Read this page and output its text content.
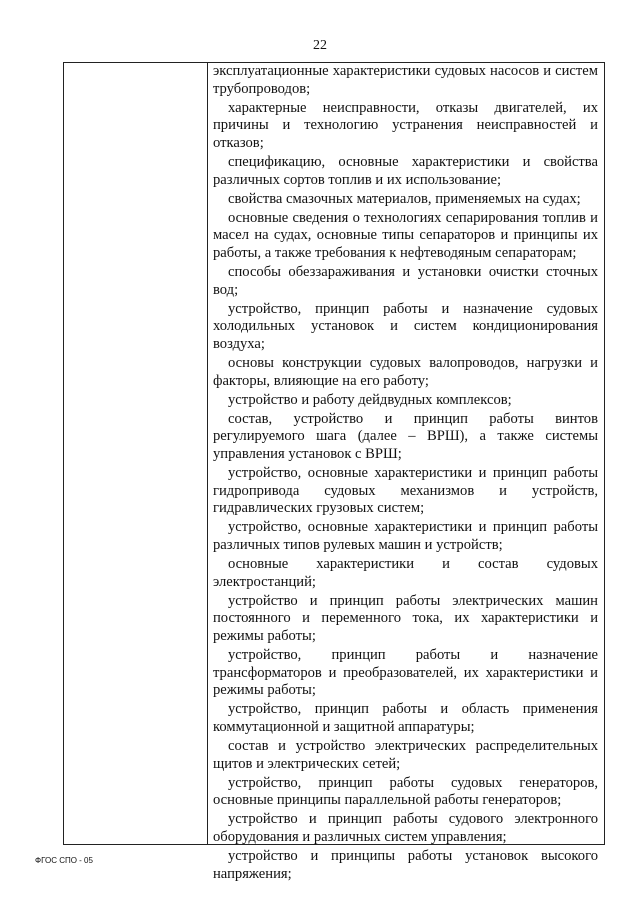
22

эксплуатационные характеристики судовых насосов и систем трубопроводов;

характерные неисправности, отказы двигателей, их причины и технологию устранения неисправностей и отказов;

спецификацию, основные характеристики и свойства различных сортов топлив и их использование;

свойства смазочных материалов, применяемых на судах;

основные сведения о технологиях сепарирования топлив и масел на судах, основные типы сепараторов и принципы их работы, а также требования к нефтеводяным сепараторам;

способы обеззараживания и установки очистки сточных вод;

устройство, принцип работы и назначение судовых холодильных установок и систем кондиционирования воздуха;

основы конструкции судовых валопроводов, нагрузки и факторы, влияющие на его работу;

устройство и работу дейдвудных комплексов;

состав, устройство и принцип работы винтов регулируемого шага (далее – ВРШ), а также системы управления установок с ВРШ;

устройство, основные характеристики и принцип работы гидропривода судовых механизмов и устройств, гидравлических грузовых систем;

устройство, основные характеристики и принцип работы различных типов рулевых машин и устройств;

основные характеристики и состав судовых электростанций;

устройство и принцип работы электрических машин постоянного и переменного тока, их характеристики и режимы работы;

устройство, принцип работы и назначение трансформаторов и преобразователей, их характеристики и режимы работы;

устройство, принцип работы и область применения коммутационной и защитной аппаратуры;

состав и устройство электрических распределительных щитов и электрических сетей;

устройство, принцип работы судовых генераторов, основные принципы параллельной работы генераторов;

устройство и принцип работы судового электронного оборудования и различных систем управления;

устройство и принципы работы установок высокого напряжения;

ФГОС СПО - 05
